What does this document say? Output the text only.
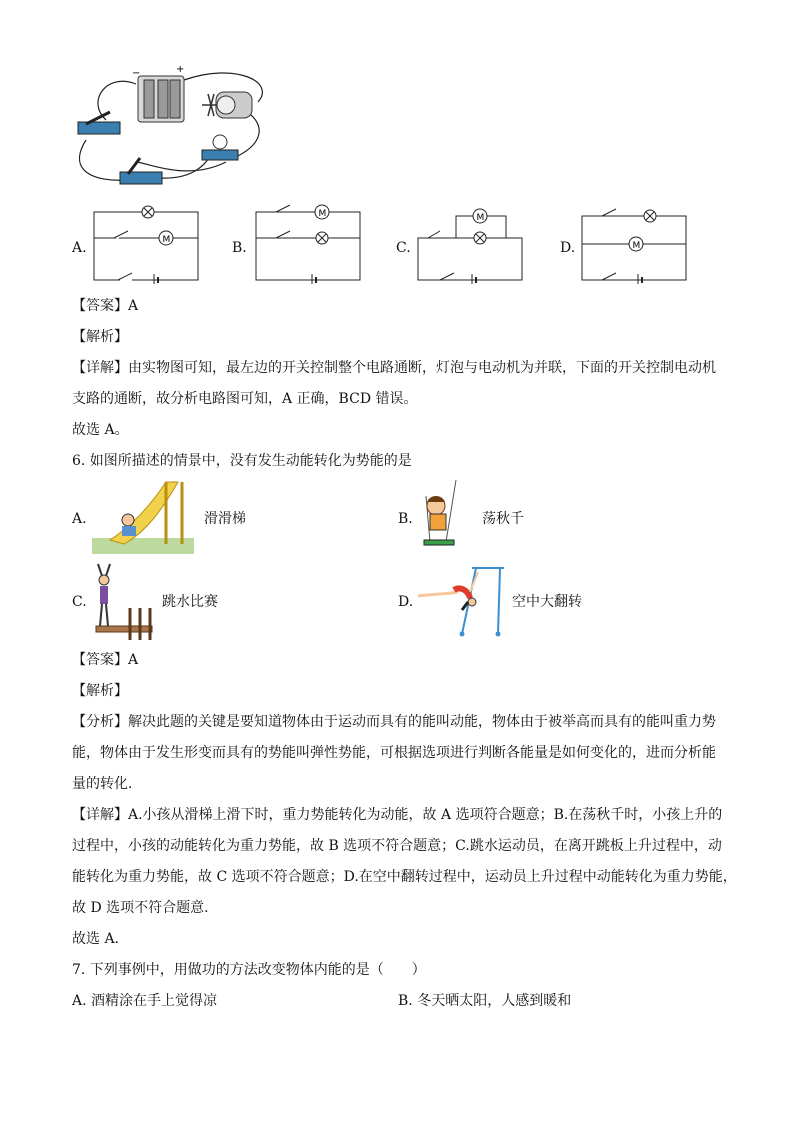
−	+
A.	M	B.
M
C.
M
D.	M
【答案】A
【解析】
【详解】由实物图可知，最左边的开关控制整个电路通断，灯泡与电动机为并联，下面的开关控制电动机
支路的通断，故分析电路图可知，A 正确，BCD 错误。
故选 A。
6. 如图所描述的情景中，没有发生动能转化为势能的是
A.	滑滑梯	B.	荡秋千
C.	跳水比赛	D.	空中大翻转
【答案】A
【解析】
【分析】解决此题的关键是要知道物体由于运动而具有的能叫动能，物体由于被举高而具有的能叫重力势
能，物体由于发生形变而具有的势能叫弹性势能，可根据选项进行判断各能量是如何变化的，进而分析能
量的转化．
【详解】A.小孩从滑梯上滑下时，重力势能转化为动能，故 A 选项符合题意；B.在荡秋千时，小孩上升的
过程中，小孩的动能转化为重力势能，故 B 选项不符合题意；C.跳水运动员，在离开跳板上升过程中，动
能转化为重力势能，故 C 选项不符合题意；D.在空中翻转过程中，运动员上升过程中动能转化为重力势能，
故 D 选项不符合题意．
故选 A．
7. 下列事例中，用做功的方法改变物体内能的是（　　）
A. 酒精涂在手上觉得凉	B. 冬天晒太阳，人感到暖和
